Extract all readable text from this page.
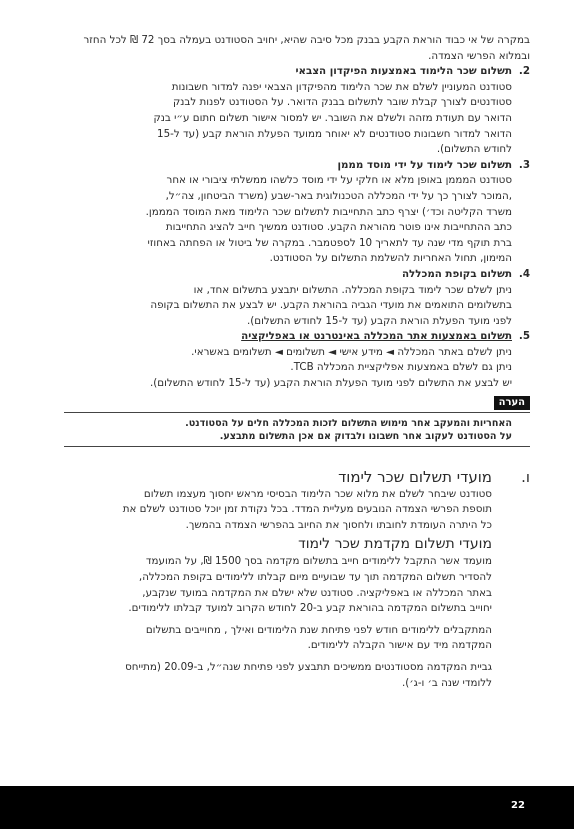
במקרה של אי כבוד הוראת הקבע בבנק מכל סיבה שהיא, יחויב הסטודנט בעמלה בסך 72 ₪ לכל החזר ובמלוא הפרשי הצמדה.

2.

תשלום שכר הלימוד באמצעות הפיקדון הצבאי

סטודנט המעוניין לשלם את שכר הלימוד מהפיקדון הצבאי יפנה למדור חשבונות

סטודנטים לצורך קבלת שובר לתשלום בבנק הדואר. על הסטודנט לפנות לבנק

הדואר עם תעודת מזהה ולשלם את השובר. יש למסור אישור תשלום חתום ע״י בנק

הדואר למדור חשבונות סטודנטים לא יאוחר ממועד הפעלת הוראת קבע (עד ל-15

לחודש התשלום).

3.

תשלום שכר לימוד על ידי מוסד מממן

סטודנט המממן באופן מלא או חלקי על ידי מוסד כלשהו ממשלתי ציבורי או אחר

,המוכר לצורך כך על ידי המכללה הטכנולוגית באר-שבע (משרד הביטחון, צה״ל,

משרד הקליטה וכד׳) יצרף כתב התחייבות לתשלום שכר הלימוד מאת המוסד המממן.

כתב ההתחייבות אינו פוטר מהוראת הקבע. סטודנט ממשיך חייב להציג התחייבות

ברת תוקף מדי שנה עד לתאריך 10 לספטמבר. במקרה של ביטול או הפחתה באחוזי

המימון, תחול האחריות להשלמת התשלום על הסטודנט.

4.

תשלום בקופת המכללה

ניתן לשלם שכר לימוד בקופת המכללה. התשלום יתבצע בתשלום אחד, או

בתשלומים התואמים את מועדי הגביה בהוראת הקבע. יש לבצע את התשלום בקופה

לפני מועד הפעלת הוראת הקבע (עד ל-15 לחודש התשלום).

5.

תשלום באמצעות אתר המכללה באינטרנט או באפליקציה

ניתן לשלם באתר המכללה ◄ מידע אישי ◄ תשלומים ◄ תשלומים באשראי.

ניתן גם לשלם באמצעות אפליקציית המכללה TCB.

יש לבצע את התשלום לפני מועד הפעלת הוראת הקבע (עד ל-15 לחודש התשלום).

הערה

האחריות והמעקב אחר מימוש התשלום לזכות המכללה חלים על הסטודנט.

על הסטודנט לעקוב אחר חשבונו ולבדוק אם אכן התשלום מתבצע.

ו.

מועדי תשלום שכר לימוד

סטודנט שיבחר לשלם את מלוא שכר הלימוד הבסיסי מראש יחסוך מעצמו תשלום

תוספת הפרשי הצמדה הנובעים מעליית המדד. בכל נקודת זמן יוכל סטודנט לשלם את

כל היתרה העומדת לחובתו ולחסוך את החיוב בהפרשי הצמדה בהמשך.

מועדי תשלום מקדמת שכר לימוד

מועמד אשר התקבל ללימודים חייב בתשלום מקדמה בסך 1500 ₪, על המועמד

להסדיר תשלום המקדמה תוך עד שבועיים מיום קבלתו ללימודים בקופת המכללה,

באתר המכללה או באפליקציה. סטודנט שלא ישלם את המקדמה במועד שנקבע,

יחוייב בתשלום המקדמה בהוראת קבע ב-20 לחודש הקרוב למועד קבלתו ללימודים.

המתקבלים ללימודים חודש לפני פתיחת שנת הלימודים ואילך , מחוייבים בתשלום

המקדמה מיד עם אישור הקבלה ללימודים.

גביית המקדמה מסטודנטים ממשיכים תתבצע לפני פתיחת שנה״ל, ב-20.09 (מתייחס

ללומדי שנה ב׳ ו-ג׳).

22
